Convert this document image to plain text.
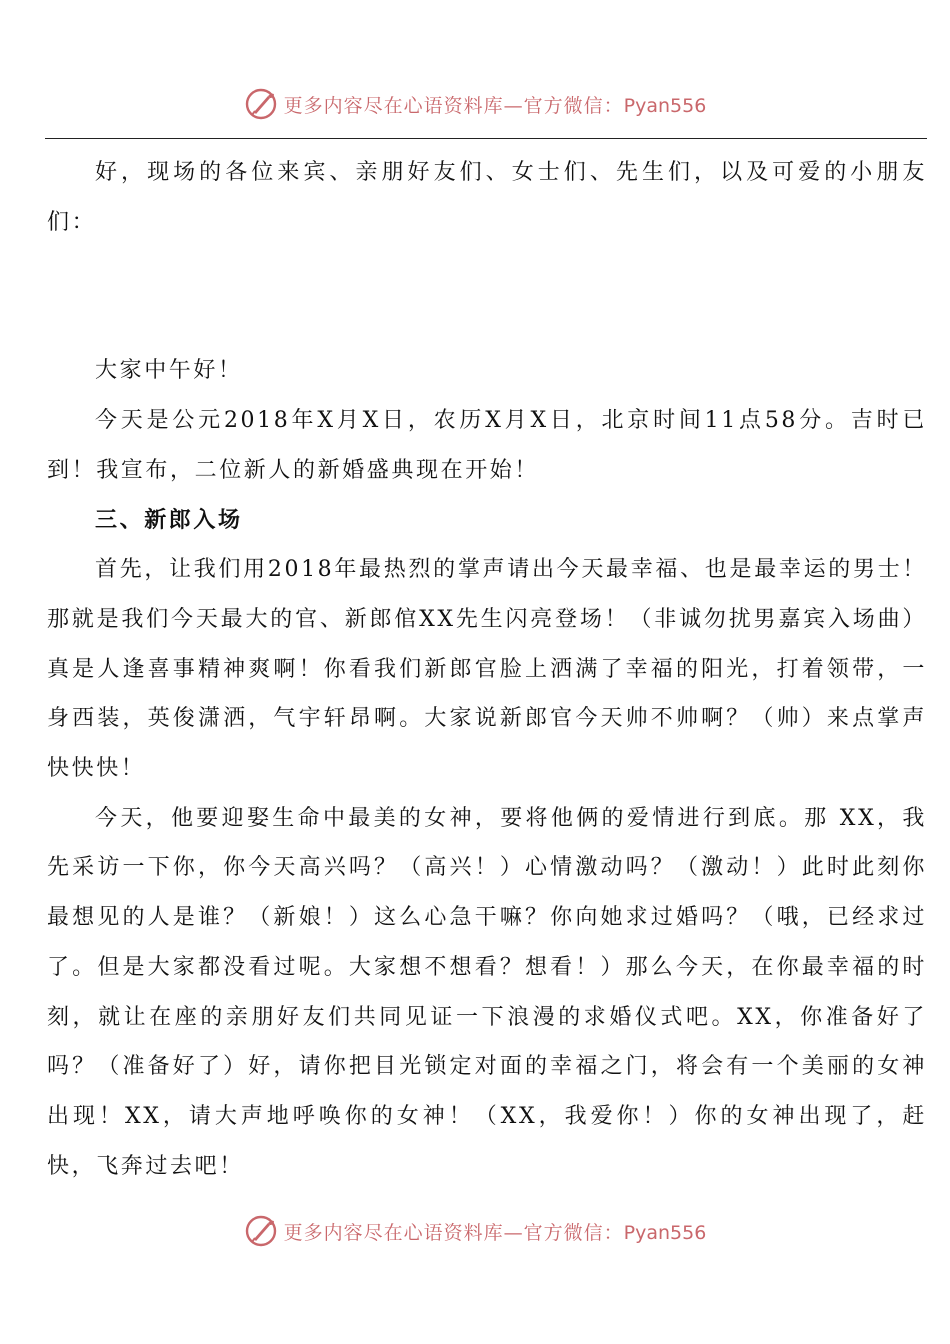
更多内容尽在心语资料库—官方微信：Pyan556

好，现场的各位来宾、亲朋好友们、女士们、先生们，以及可爱的小朋友们：

大家中午好！

今天是公元2018年X月X日，农历X月X日，北京时间11点58分。吉时已到！我宣布，二位新人的新婚盛典现在开始！

三、新郎入场

首先，让我们用2018年最热烈的掌声请出今天最幸福、也是最幸运的男士！那就是我们今天最大的官、新郎倌XX先生闪亮登场！（非诚勿扰男嘉宾入场曲）真是人逢喜事精神爽啊！你看我们新郎官脸上洒满了幸福的阳光，打着领带，一身西装，英俊潇洒，气宇轩昂啊。大家说新郎官今天帅不帅啊？（帅）来点掌声快快快！

今天，他要迎娶生命中最美的女神，要将他俩的爱情进行到底。那 XX，我先采访一下你，你今天高兴吗？（高兴！）心情激动吗？（激动！）此时此刻你最想见的人是谁？（新娘！）这么心急干嘛？你向她求过婚吗？（哦，已经求过了。但是大家都没看过呢。大家想不想看？想看！）那么今天，在你最幸福的时刻，就让在座的亲朋好友们共同见证一下浪漫的求婚仪式吧。XX，你准备好了吗？（准备好了）好，请你把目光锁定对面的幸福之门，将会有一个美丽的女神出现！XX，请大声地呼唤你的女神！（XX，我爱你！）你的女神出现了，赶快，飞奔过去吧！

更多内容尽在心语资料库—官方微信：Pyan556
